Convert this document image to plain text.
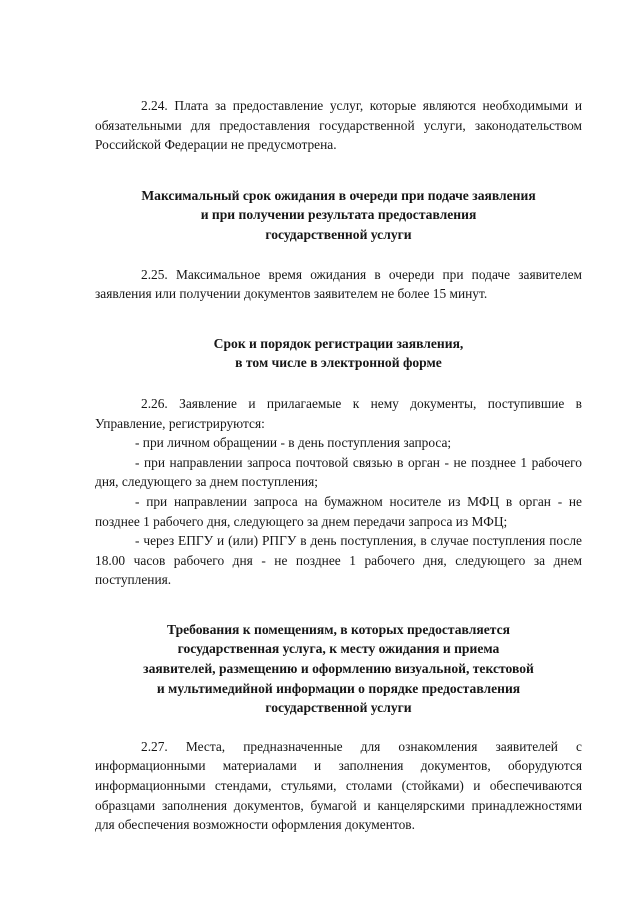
2.24. Плата за предоставление услуг, которые являются необходимыми и обязательными для предоставления государственной услуги, законодательством Российской Федерации не предусмотрена.

Максимальный срок ожидания в очереди при подаче заявления
и при получении результата предоставления
государственной услуги

2.25. Максимальное время ожидания в очереди при подаче заявителем заявления или получении документов заявителем не более 15 минут.

Срок и порядок регистрации заявления,
в том числе в электронной форме

2.26. Заявление и прилагаемые к нему документы, поступившие в Управление, регистрируются:

- при личном обращении - в день поступления запроса;

- при направлении запроса почтовой связью в орган - не позднее 1 рабочего дня, следующего за днем поступления;

- при направлении запроса на бумажном носителе из МФЦ в орган - не позднее 1 рабочего дня, следующего за днем передачи запроса из МФЦ;

- через ЕПГУ и (или) РПГУ в день поступления, в случае поступления после 18.00 часов рабочего дня - не позднее 1 рабочего дня, следующего за днем поступления.

Требования к помещениям, в которых предоставляется
государственная услуга, к месту ожидания и приема
заявителей, размещению и оформлению визуальной, текстовой
и мультимедийной информации о порядке предоставления
государственной услуги

2.27. Места, предназначенные для ознакомления заявителей с информационными материалами и заполнения документов, оборудуются информационными стендами, стульями, столами (стойками) и обеспечиваются образцами заполнения документов, бумагой и канцелярскими принадлежностями для обеспечения возможности оформления документов.
